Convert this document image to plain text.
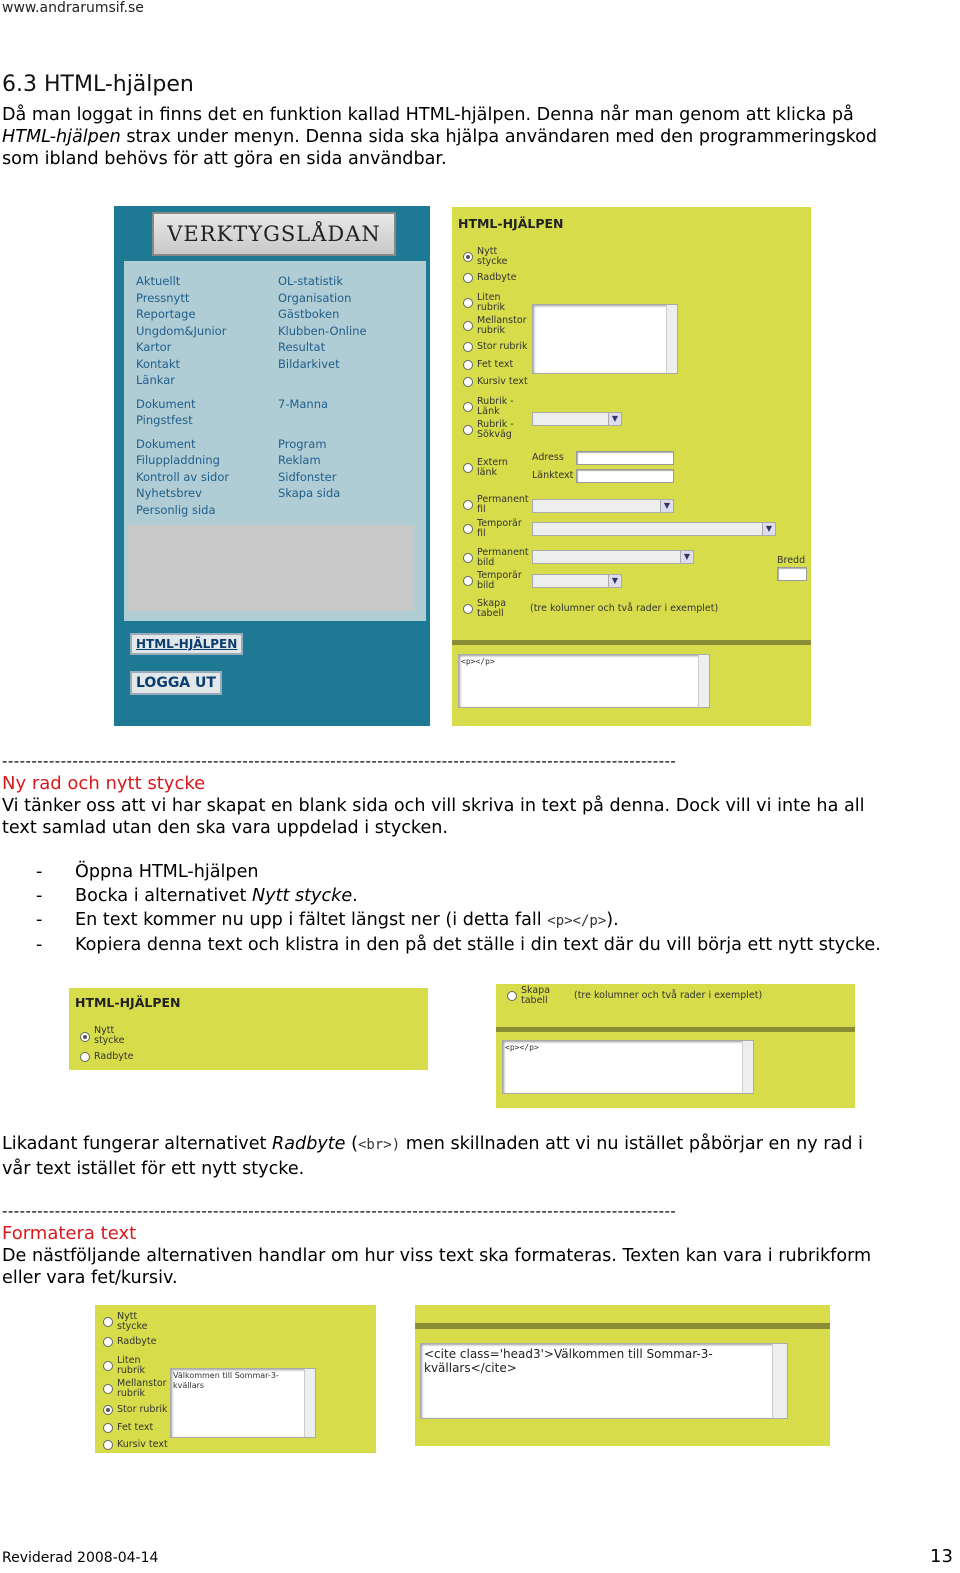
www.andrarumsif.se
6.3 HTML-hjälpen
Då man loggat in finns det en funktion kallad HTML-hjälpen. Denna når man genom att klicka på
HTML-hjälpen strax under menyn. Denna sida ska hjälpa användaren med den programmeringskod
som ibland behövs för att göra en sida användbar.
VERKTYGSLÅDAN
Aktuellt
Pressnytt
Reportage
Ungdom&Junior
Kartor
Kontakt
Länkar
Dokument
Pingstfest
Dokument
Filuppladdning
Kontroll av sidor
Nyhetsbrev
Personlig sida
OL-statistik
Organisation
Gästboken
Klubben-Online
Resultat
Bildarkivet
7-Manna
Program
Reklam
Sidfonster
Skapa sida
HTML-HJÄLPEN
LOGGA UT
HTML-HJÄLPEN
Nytt
stycke
Radbyte
Liten
rubrik
Mellanstor
rubrik
Stor rubrik
Fet text
Kursiv text
Rubrik -
Länk
Rubrik -
Sökväg
▼
Extern
länk
Adress
Länktext
Permanent
fil	▼
Temporär
fil	▼
Permanent
bild
▼
Temporär
bild	▼
Bredd
Skapa
tabell	(tre kolumner och två rader i exemplet)
<p></p>
-------------------------------------------------------------------------------------------------------------------
Ny rad och nytt stycke
Vi tänker oss att vi har skapat en blank sida och vill skriva in text på denna. Dock vill vi inte ha all
text samlad utan den ska vara uppdelad i stycken.
- Öppna HTML-hjälpen
- Bocka i alternativet Nytt stycke.
- En text kommer nu upp i fältet längst ner (i detta fall <p></p>).
- Kopiera denna text och klistra in den på det ställe i din text där du vill börja ett nytt stycke.
HTML-HJÄLPEN
Nytt
stycke
Radbyte
Skapa
tabell	(tre kolumner och två rader i exemplet)
<p></p>
Likadant fungerar alternativet Radbyte (<br>) men skillnaden att vi nu istället påbörjar en ny rad i
vår text istället för ett nytt stycke.
-------------------------------------------------------------------------------------------------------------------
Formatera text
De nästföljande alternativen handlar om hur viss text ska formateras. Texten kan vara i rubrikform
eller vara fet/kursiv.
Nytt
stycke
Radbyte
Liten
rubrik
Mellanstor
rubrik
Stor rubrik
Fet text
Kursiv text
Välkommen till Sommar-3-kvällars
<cite class='head3'>Välkommen till Sommar-3-kvällars</cite>
Reviderad 2008-04-14	13
